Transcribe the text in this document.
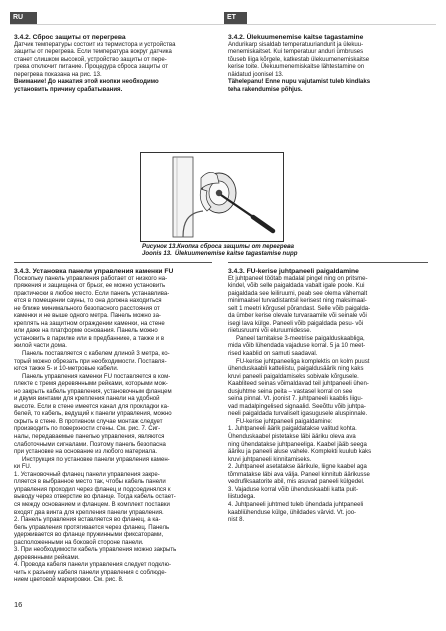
RU	ET

3.4.2. Сброс защиты от перегрева

Датчик температуры состоит из термистора и устройства
защиты от перегрева. Если температура вокруг датчика
станет слишком высокой, устройство защиты от пере-
грева отключит питание. Процедура сброса защиты от
перегрева показана на рис. 13.
Внимание! До нажатия этой кнопки необходимо
установить причину срабатывания.

3.4.2. Ülekuumenemise kaitse tagastamine

Andurikarp sisaldab temperatuuriandurit ja ülekuu-
menemiskaitset. Kui temperatuur anduri ümbruses
tõuseb liiga kõrgele, katkestab ülekuumenemiskaitse
kerise toite. Ülekuumenemiskaitse lähtestamine on
näidatud joonisel 13.
Tähelepanu! Enne nupu vajutamist tuleb kindlaks
teha rakendumise põhjus.
Рисунок 13.Кнопка сброса защиты от перегрева
Joonis 13. Ülekuumenemise kaitse tagastamise nupp

3.4.3. Установка панели управления каменки FU

Поскольку панель управления работает от низкого на-
пряжения и защищена от брызг, ее можно установить
практически в любое место. Если панель устанавлива-
ется в помещении сауны, то она должна находиться
не ближе минимального безопасного расстояния от
каменки и не выше одного метра. Панель можно за-
креплять на защитном ограждении каменки, на стене
или даже на платформе основания. Панель можно
установить в парилке или в предбаннике, а также и в
жилой части дома.
Панель поставляется с кабелем длиной 3 метра, ко-
торый можно обрезать при необходимости. Поставля-
ются также 5- и 10-метровые кабели.
Панель управления каменки FU поставляется в ком-
плекте с тремя деревянными рейками, которыми мож-
но закрыть кабель управления, установочным фланцем
и двумя винтами для крепления панели на удобной
высоте. Если в стене имеется канал для прокладки ка-
белей, то кабель, ведущий к панели управления, можно
скрыть в стене. В противном случае монтаж следует
производить по поверхности стены. См. рис. 7. Сиг-
налы, передаваемые панелью управления, являются
слаботочными сигналами. Поэтому панель безопасна
при установке на основание из любого материала.
Инструкция по установке панели управления камен-
ки FU.
1. Установочный фланец панели управления закре-
пляется в выбранное место так, чтобы кабель панели
управления проходил через фланец и подсоединялся к
выводу через отверстие во фланце. Тогда кабель остает-
ся между основанием и фланцем. В комплект поставки
входят два винта для крепления панели управления.
2. Панель управления вставляется во фланец, а ка-
бель управления протягивается через фланец. Панель
удерживается во фланце пружинными фиксаторами,
расположенными на боковой стороне панели.
3. При необходимости кабель управления можно закрыть
деревянными рейками.
4. Провода кабеля панели управления следует подклю-
чить к разъему кабеля панели управления с соблюде-
нием цветовой маркировки. См. рис. 8.

3.4.3. FU-kerise juhtpaneeli paigaldamine

Et juhtpaneel töötab madalal pingel ning on pritsme-
kindel, võib selle paigaldada vabalt igale poole. Kui
paigaldada see leiliruumi, peab see olema vähemalt
minimaalsel turvadistantsil kerisest ning maksimaal-
selt 1 meetri kõrgusel põrandast. Selle võib paigalda-
da ümber kerise olevale turvaraamile või seinale või
isegi lava külge. Paneeli võib paigaldada pesu- või
riietusruumi või eluruumidesse.
Paneel tarnitakse 3-meetrise paigalduskaabliga,
mida võib lühendada vajaduse korral. 5 ja 10 meet-
rised kaablid on samuti saadaval.
FU-kerise juhtpaneeliga komplektis on kolm puust
ühenduskaabli katteliistu, paigaldusäärik ning kaks
kruvi paneeli paigaldamiseks sobivale kõrgusele.
Kaabliteed seinas võimaldavad teil juhtpaneeli ühen-
dusjuhtme seina peita – vastasel korral on see
seina pinnal. Vt. joonist 7. juhtpaneeli kaablis liigu-
vad madalpingelised signaalid. Seeõttu võib juhtpa-
neeli paigaldada turvaliselt igasugusele aluspinnale.
FU-kerise juhtpaneeli paigaldamine:
1. Juhtpaneeli äärik paigaldatakse valitud kohta.
Ühenduskaabel pistetakse läbi ääriku oleva ava
ning ühendatakse juhtpaneeliga. Kaabel jääb seega
ääriku ja paneeli aluse vahele. Komplekti kuulub kaks
kruvi juhtpaneeli kinnitamiseks.
2. Juhtpaneel asetatakse äärikule, liigne kaabel aga
tõmmatakse läbi ava välja. Paneel kinnitub äärikusse
vedrufiksaatorite abil, mis asuvad paneeli külgedel.
3. Vajaduse korral võib ühenduskaabli katta puit-
liistudega.
4. Juhtpaneeli juhtmed tuleb ühendada juhtpaneeli
kaabliühenduse külge, ühildades värvid. Vt. joo-
nist 8.
16
